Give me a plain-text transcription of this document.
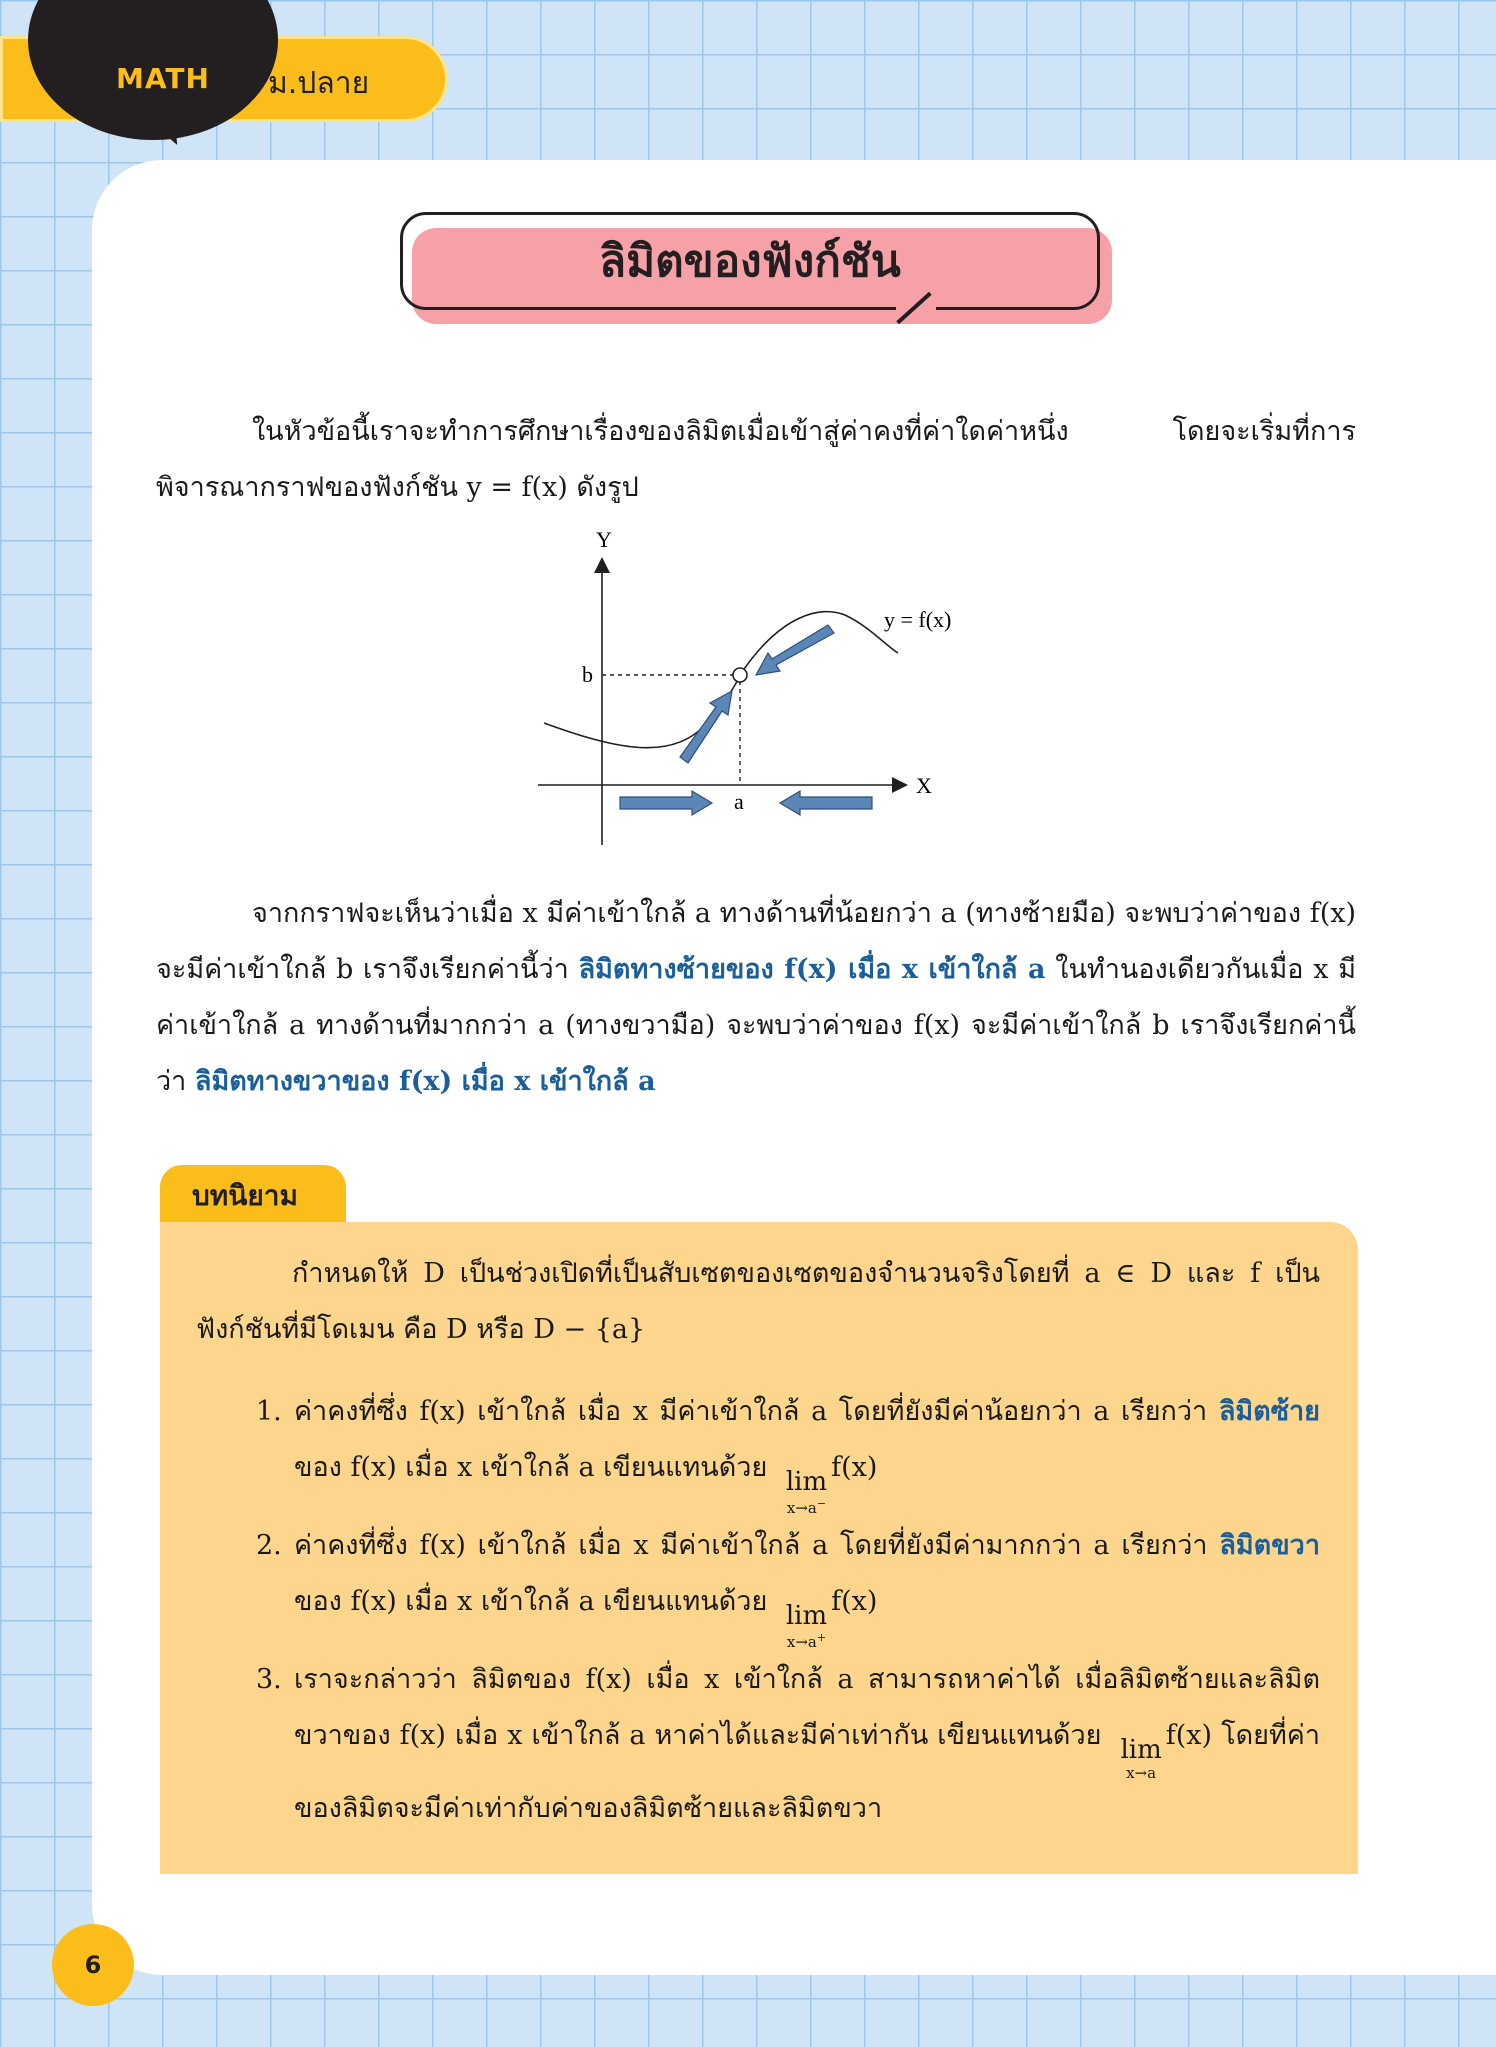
MATH ม.ปลาย
ลิมิตของฟังก์ชัน
ในหัวข้อนี้เราจะทำการศึกษาเรื่องของลิมิตเมื่อเข้าสู่ค่าคงที่ค่าใดค่าหนึ่ง โดยจะเริ่มที่การพิจารณากราฟของฟังก์ชัน y = f(x) ดังรูป
Y
X
b
a
y = f(x)
จากกราฟจะเห็นว่าเมื่อ x มีค่าเข้าใกล้ a ทางด้านที่น้อยกว่า a (ทางซ้ายมือ) จะพบว่าค่าของ f(x) จะมีค่าเข้าใกล้ b เราจึงเรียกค่านี้ว่า ลิมิตทางซ้ายของ f(x) เมื่อ x เข้าใกล้ a ในทำนองเดียวกันเมื่อ x มีค่าเข้าใกล้ a ทางด้านที่มากกว่า a (ทางขวามือ) จะพบว่าค่าของ f(x) จะมีค่าเข้าใกล้ b เราจึงเรียกค่านี้ว่า ลิมิตทางขวาของ f(x) เมื่อ x เข้าใกล้ a
บทนิยาม
กำหนดให้ D เป็นช่วงเปิดที่เป็นสับเซตของเซตของจำนวนจริงโดยที่ a ∈ D และ f เป็นฟังก์ชันที่มีโดเมน คือ D หรือ D − {a}
1. ค่าคงที่ซึ่ง f(x) เข้าใกล้ เมื่อ x มีค่าเข้าใกล้ a โดยที่ยังมีค่าน้อยกว่า a เรียกว่า ลิมิตซ้าย ของ f(x) เมื่อ x เข้าใกล้ a เขียนแทนด้วย lim
x→a−
f(x)
2. ค่าคงที่ซึ่ง f(x) เข้าใกล้ เมื่อ x มีค่าเข้าใกล้ a โดยที่ยังมีค่ามากกว่า a เรียกว่า ลิมิตขวา ของ f(x) เมื่อ x เข้าใกล้ a เขียนแทนด้วย lim
x→a+
f(x)
3. เราจะกล่าวว่า ลิมิตของ f(x) เมื่อ x เข้าใกล้ a สามารถหาค่าได้ เมื่อลิมิตซ้ายและลิมิตขวาของ f(x) เมื่อ x เข้าใกล้ a หาค่าได้และมีค่าเท่ากัน เขียนแทนด้วย lim
x→a
f(x) โดยที่ค่าของลิมิตจะมีค่าเท่ากับค่าของลิมิตซ้ายและลิมิตขวา
6
